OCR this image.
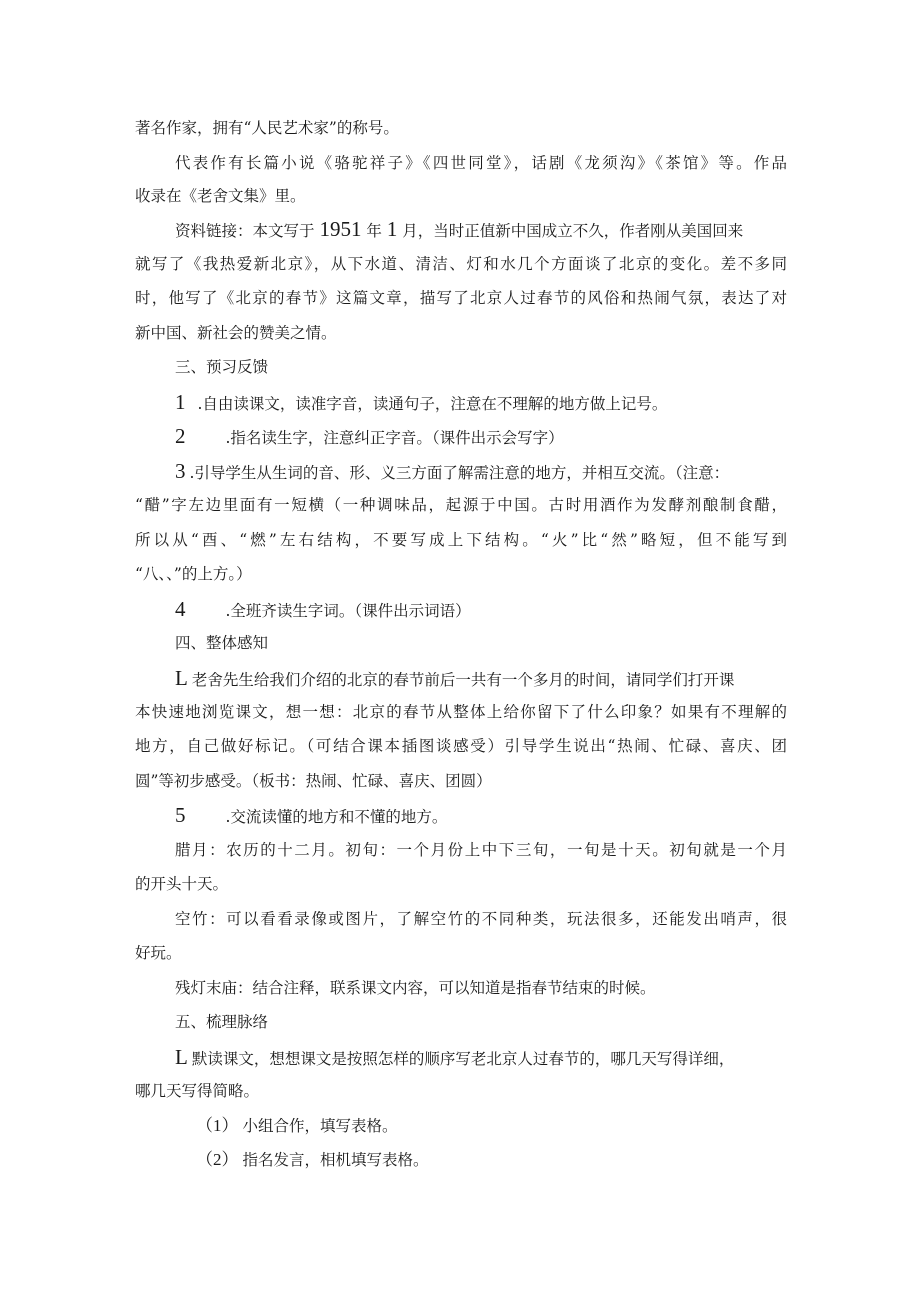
著名作家，拥有“人民艺术家”的称号。
代表作有长篇小说《骆驼祥子》《四世同堂》，话剧《龙须沟》《茶馆》等。作品
收录在《老舍文集》里。
资料链接：本文写于 1951 年 1 月，当时正值新中国成立不久，作者刚从美国回来
就写了《我热爱新北京》，从下水道、清洁、灯和水几个方面谈了北京的变化。差不多同
时，他写了《北京的春节》这篇文章，描写了北京人过春节的风俗和热闹气氛，表达了对
新中国、新社会的赞美之情。
三、预习反馈
1 .自由读课文，读准字音，读通句子，注意在不理解的地方做上记号。
2	.指名读生字，注意纠正字音。（课件出示会写字）
3 .引导学生从生词的音、形、义三方面了解需注意的地方，并相互交流。（注意：
“醋”字左边里面有一短横（一种调味品，起源于中国。古时用酒作为发酵剂酿制食醋，
所以从“酉、“燃”左右结构，不要写成上下结构。“火”比“然”略短，但不能写到
“八、、”的上方。）
4	.全班齐读生字词。（课件出示词语）
四、整体感知
L 老舍先生给我们介绍的北京的春节前后一共有一个多月的时间，请同学们打开课
本快速地浏览课文，想一想：北京的春节从整体上给你留下了什么印象？如果有不理解的
地方，自己做好标记。（可结合课本插图谈感受）引导学生说出“热闹、忙碌、喜庆、团
圆”等初步感受。（板书：热闹、忙碌、喜庆、团圆）
5	.交流读懂的地方和不懂的地方。
腊月：农历的十二月。初旬：一个月份上中下三旬，一旬是十天。初旬就是一个月
的开头十天。
空竹：可以看看录像或图片，了解空竹的不同种类，玩法很多，还能发出哨声，很
好玩。
残灯末庙：结合注释，联系课文内容，可以知道是指春节结束的时候。
五、梳理脉络
L 默读课文，想想课文是按照怎样的顺序写老北京人过春节的，哪几天写得详细，
哪几天写得简略。
（1） 小组合作，填写表格。
（2） 指名发言，相机填写表格。
